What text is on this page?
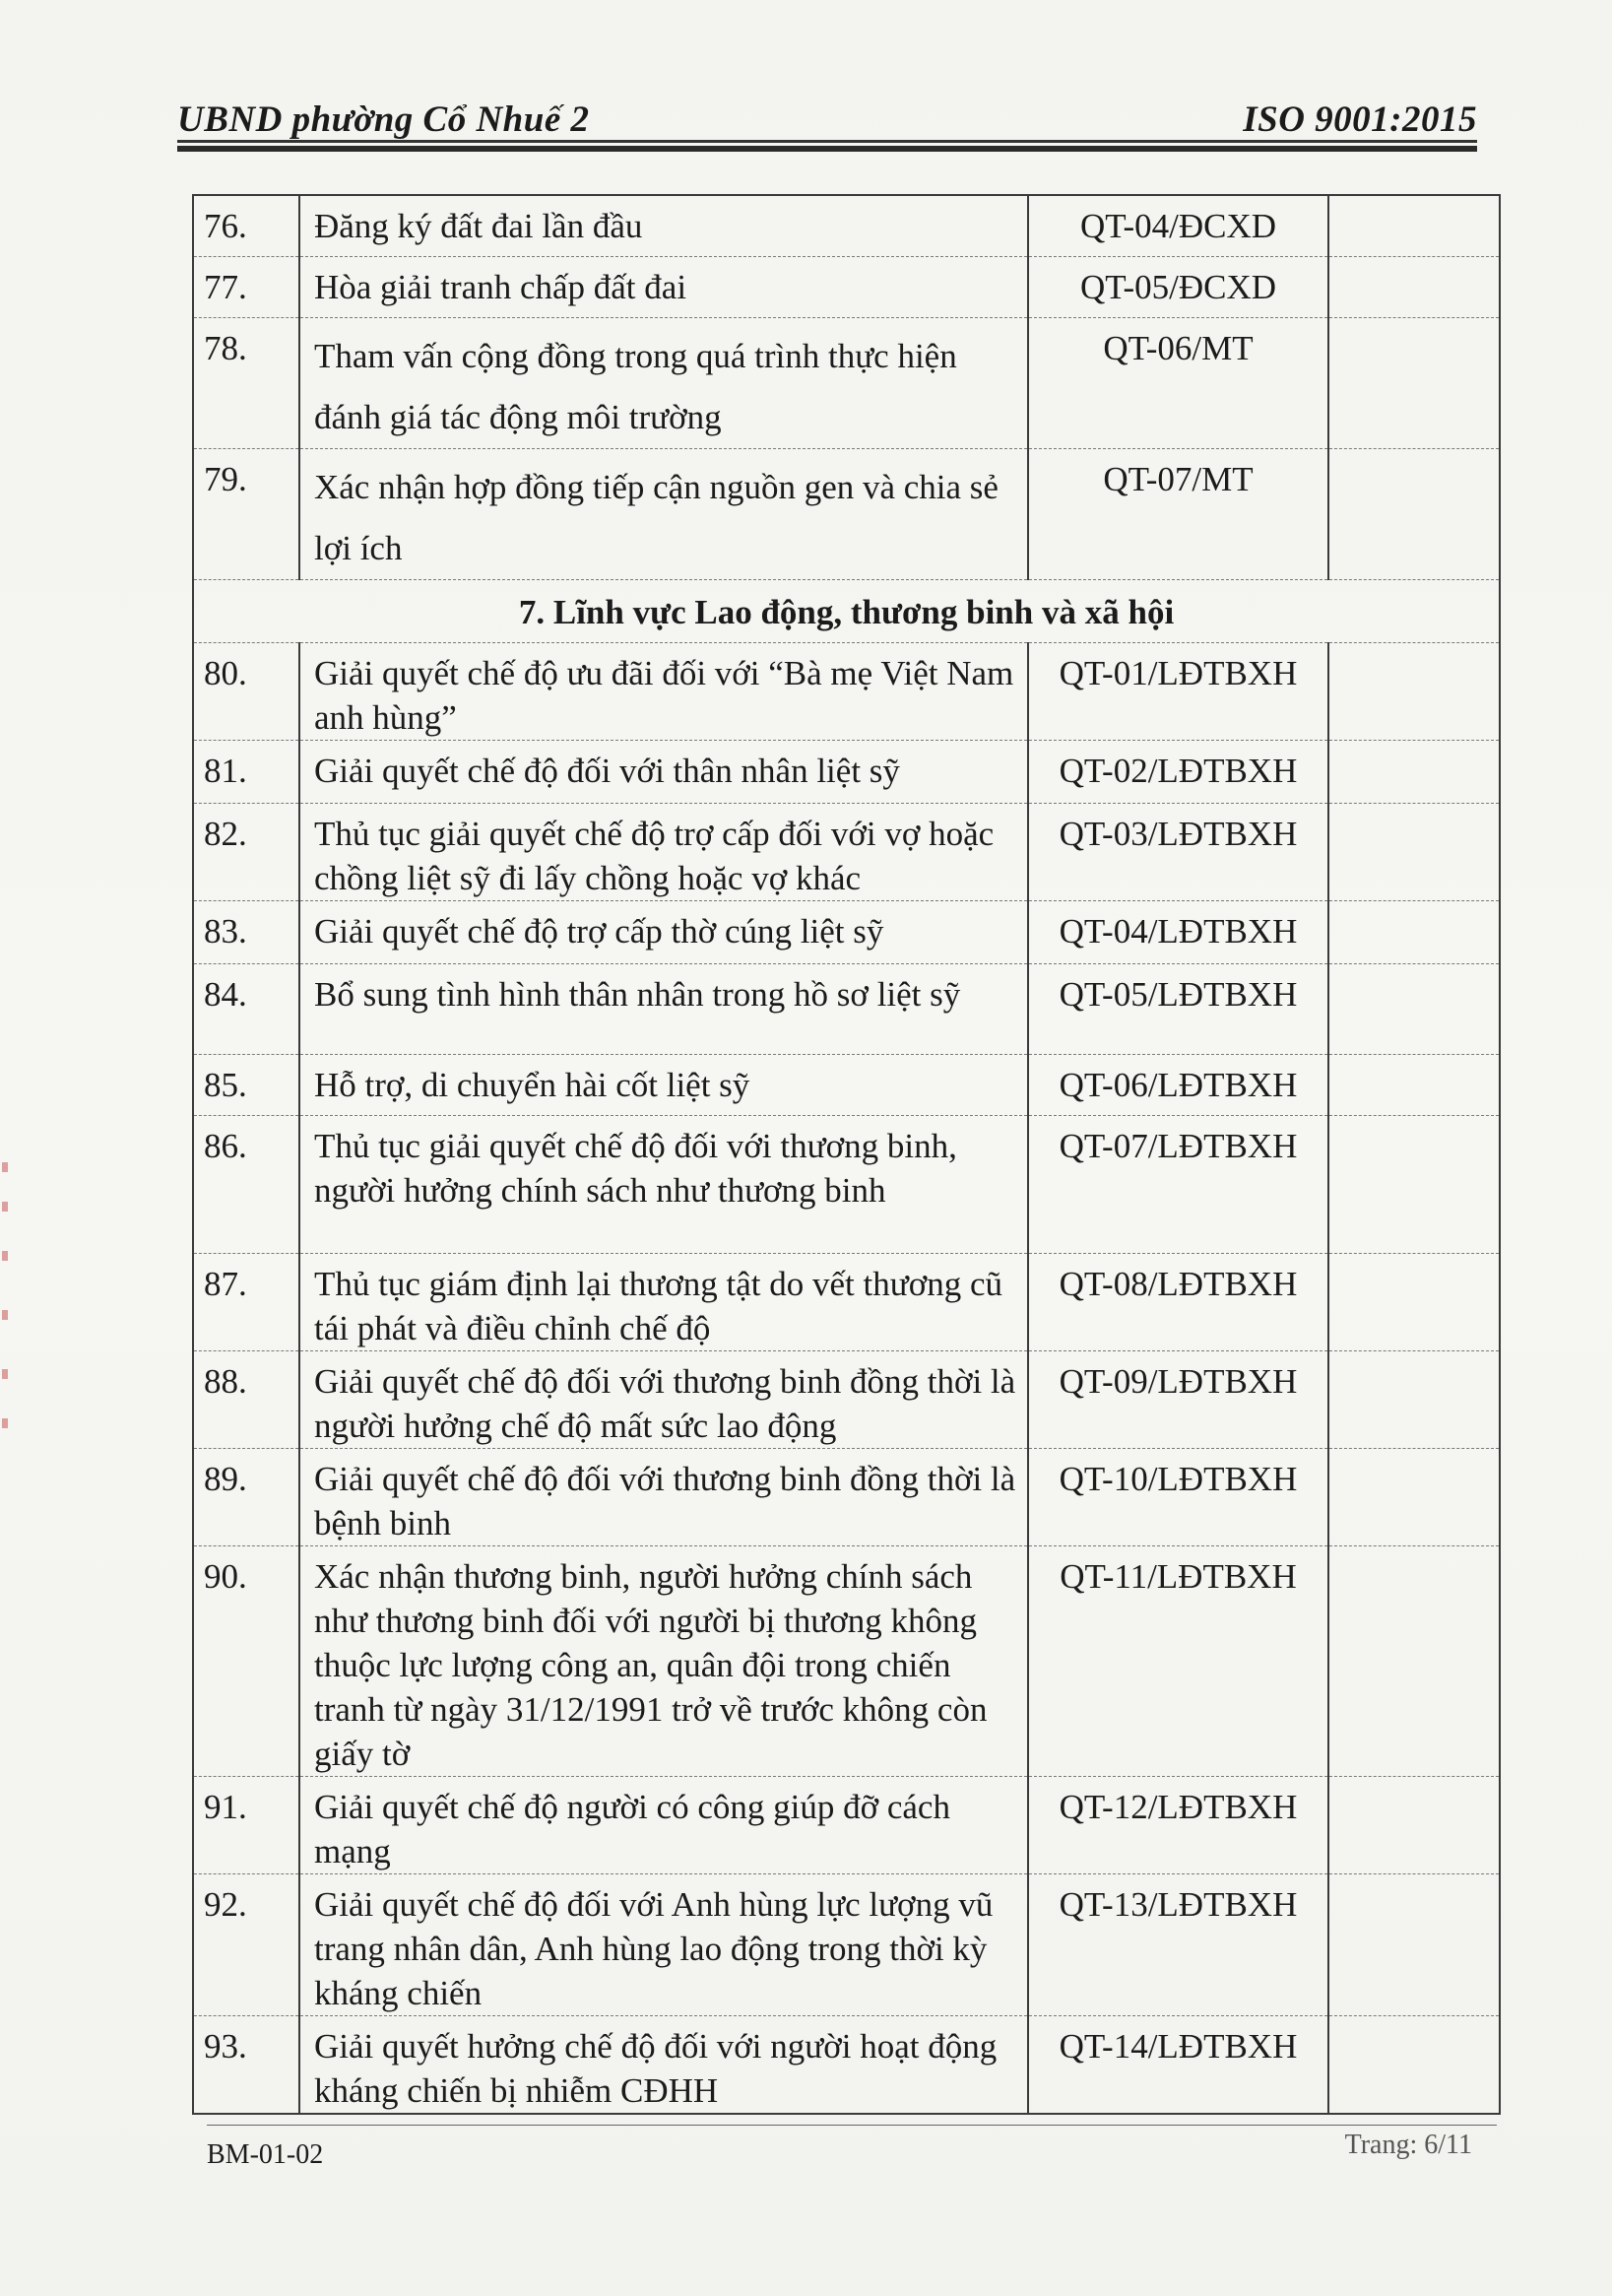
UBND phường Cổ Nhuế 2	ISO 9001:2015
76.	Đăng ký đất đai lần đầu	QT-04/ĐCXD	
77.	Hòa giải tranh chấp đất đai	QT-05/ĐCXD	
78.	Tham vấn cộng đồng trong quá trình thực hiện đánh giá tác động môi trường	QT-06/MT	
79.	Xác nhận hợp đồng tiếp cận nguồn gen và chia sẻ lợi ích	QT-07/MT	
7. Lĩnh vực Lao động, thương binh và xã hội			
80.	Giải quyết chế độ ưu đãi đối với “Bà mẹ Việt Nam anh hùng”	QT-01/LĐTBXH	
81.	Giải quyết chế độ đối với thân nhân liệt sỹ	QT-02/LĐTBXH	
82.	Thủ tục giải quyết chế độ trợ cấp đối với vợ hoặc chồng liệt sỹ đi lấy chồng hoặc vợ khác	QT-03/LĐTBXH	
83.	Giải quyết chế độ trợ cấp thờ cúng liệt sỹ	QT-04/LĐTBXH	
84.	Bổ sung tình hình thân nhân trong hồ sơ liệt sỹ	QT-05/LĐTBXH	
85.	Hỗ trợ, di chuyển hài cốt liệt sỹ	QT-06/LĐTBXH	
86.	Thủ tục giải quyết chế độ đối với thương binh, người hưởng chính sách như thương binh	QT-07/LĐTBXH	
87.	Thủ tục giám định lại thương tật do vết thương cũ tái phát và điều chỉnh chế độ	QT-08/LĐTBXH	
88.	Giải quyết chế độ đối với thương binh đồng thời là người hưởng chế độ mất sức lao động	QT-09/LĐTBXH	
89.	Giải quyết chế độ đối với thương binh đồng thời là bệnh binh	QT-10/LĐTBXH	
90.	Xác nhận thương binh, người hưởng chính sách như thương binh đối với người bị thương không thuộc lực lượng công an, quân đội trong chiến tranh từ ngày 31/12/1991 trở về trước không còn giấy tờ	QT-11/LĐTBXH	
91.	Giải quyết chế độ người có công giúp đỡ cách mạng	QT-12/LĐTBXH	
92.	Giải quyết chế độ đối với Anh hùng lực lượng vũ trang nhân dân, Anh hùng lao động trong thời kỳ kháng chiến	QT-13/LĐTBXH	
93.	Giải quyết hưởng chế độ đối với người hoạt động kháng chiến bị nhiễm CĐHH	QT-14/LĐTBXH	
BM-01-02	Trang: 6/11
